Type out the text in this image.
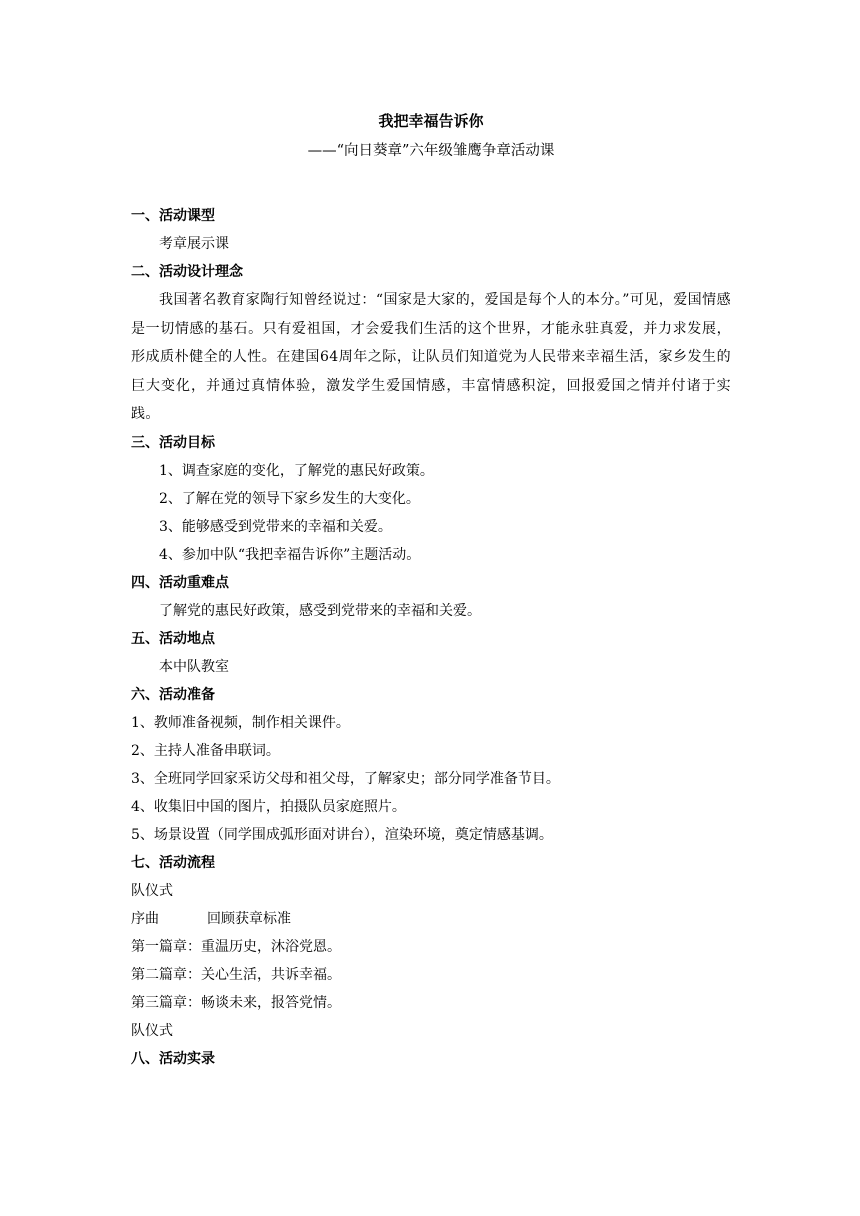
我把幸福告诉你

——“向日葵章”六年级雏鹰争章活动课

一、活动课型

考章展示课

二、活动设计理念

我国著名教育家陶行知曾经说过：“国家是大家的，爱国是每个人的本分。”可见，爱国情感是一切情感的基石。只有爱祖国，才会爱我们生活的这个世界，才能永驻真爱，并力求发展，形成质朴健全的人性。在建国64周年之际，让队员们知道党为人民带来幸福生活，家乡发生的巨大变化，并通过真情体验，激发学生爱国情感，丰富情感积淀，回报爱国之情并付诸于实践。

三、活动目标

1、调查家庭的变化，了解党的惠民好政策。

2、了解在党的领导下家乡发生的大变化。

3、能够感受到党带来的幸福和关爱。

4、参加中队“我把幸福告诉你”主题活动。

四、活动重难点

了解党的惠民好政策，感受到党带来的幸福和关爱。

五、活动地点

本中队教室

六、活动准备

1、教师准备视频，制作相关课件。

2、主持人准备串联词。

3、全班同学回家采访父母和祖父母，了解家史；部分同学准备节目。

4、收集旧中国的图片，拍摄队员家庭照片。

5、场景设置（同学围成弧形面对讲台），渲染环境，奠定情感基调。

七、活动流程

队仪式

序曲	回顾获章标准

第一篇章：重温历史，沐浴党恩。

第二篇章：关心生活，共诉幸福。

第三篇章：畅谈未来，报答党情。

队仪式

八、活动实录
